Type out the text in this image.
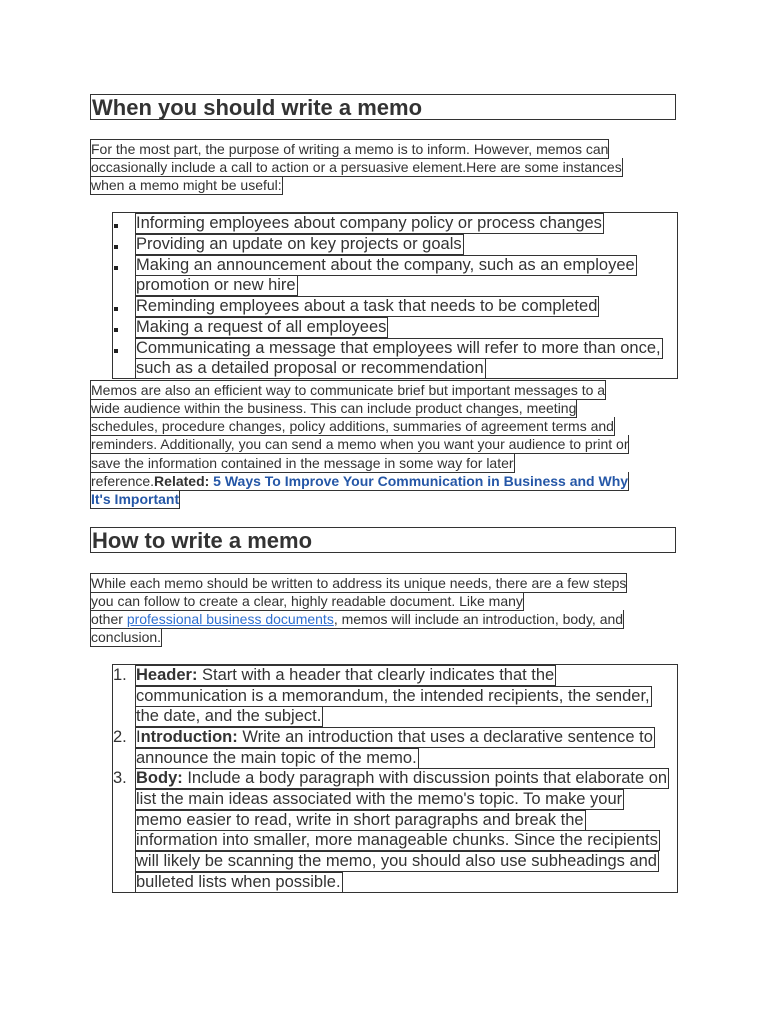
When you should write a memo
For the most part, the purpose of writing a memo is to inform. However, memos can
occasionally include a call to action or a persuasive element.Here are some instances
when a memo might be useful:
Informing employees about company policy or process changes
Providing an update on key projects or goals
Making an announcement about the company, such as an employee
promotion or new hire
Reminding employees about a task that needs to be completed
Making a request of all employees
Communicating a message that employees will refer to more than once,
such as a detailed proposal or recommendation
Memos are also an efficient way to communicate brief but important messages to a
wide audience within the business. This can include product changes, meeting
schedules, procedure changes, policy additions, summaries of agreement terms and
reminders. Additionally, you can send a memo when you want your audience to print or
save the information contained in the message in some way for later
reference.Related: 5 Ways To Improve Your Communication in Business and Why
It's Important
How to write a memo
While each memo should be written to address its unique needs, there are a few steps
you can follow to create a clear, highly readable document. Like many
other professional business documents, memos will include an introduction, body, and
conclusion.
1. Header: Start with a header that clearly indicates that the
communication is a memorandum, the intended recipients, the sender,
the date, and the subject.
2. Introduction: Write an introduction that uses a declarative sentence to
announce the main topic of the memo.
3. Body: Include a body paragraph with discussion points that elaborate on
list the main ideas associated with the memo's topic. To make your
memo easier to read, write in short paragraphs and break the
information into smaller, more manageable chunks. Since the recipients
will likely be scanning the memo, you should also use subheadings and
bulleted lists when possible.
